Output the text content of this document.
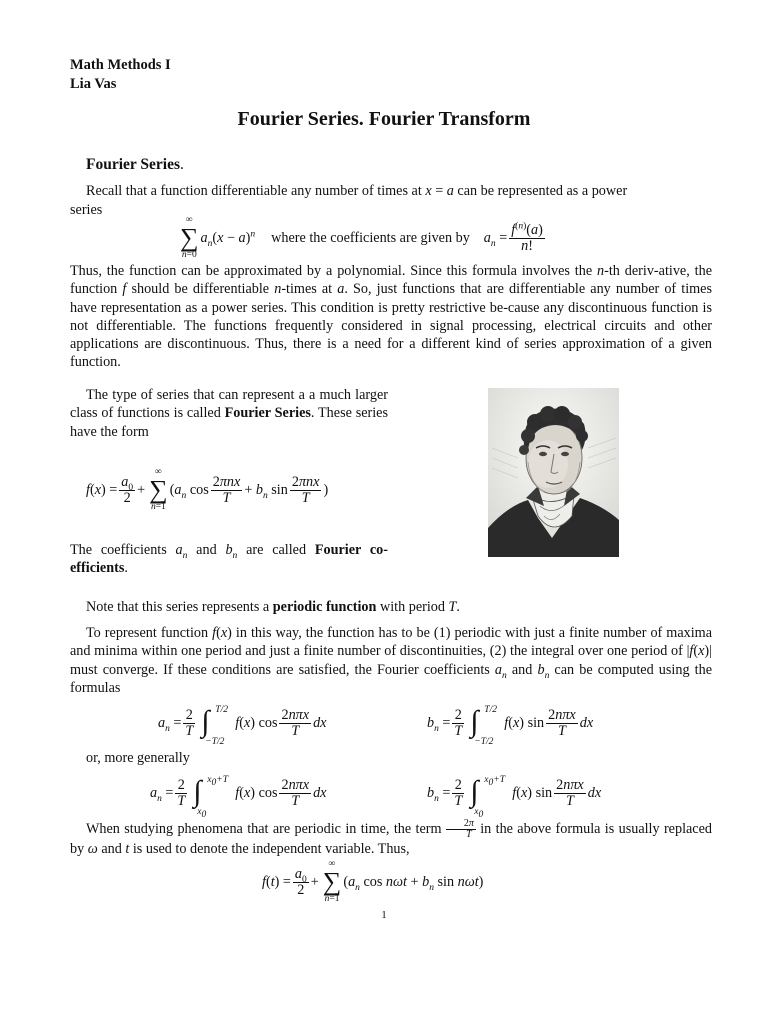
Math Methods I
Lia Vas
Fourier Series. Fourier Transform
Fourier Series.
Recall that a function differentiable any number of times at x = a can be represented as a power
series
∞
∑
n=0
$a_n(x - a)^n$ where the coefficients are given by $a_n = \frac{f^{(n)}(a)}{n!}$
Thus, the function can be approximated by a polynomial. Since this formula involves the n-th deriv-ative, the function f should be differentiable n-times at a. So, just functions that are differentiable any number of times have representation as a power series. This condition is pretty restrictive be-cause any discontinuous function is not differentiable. The functions frequently considered in signal processing, electrical circuits and other applications are discontinuous. Thus, there is a need for a different kind of series approximation of a given function.
The type of series that can represent a a much larger class of functions is called Fourier Series. These series have the form
$f(x) = \frac{a_0}{2}$ +
∞
∑
n=1
($a_n$ $\cos \frac{\text{2πnx}}{T} + b_n$ $\sin \frac{\text{2πnx}}{T}$ )
The coefficients $a_n$ and $b_n$ are called Fourier co-efficients.
Note that this series represents a periodic function with period T.
To represent function f(x) in this way, the function has to be (1) periodic with just a finite number of maxima and minima within one period and just a finite number of discontinuities, (2) the integral over one period of |f(x)| must converge. If these conditions are satisfied, the Fourier coefficients $a_n$ and $b_n$ can be computed using the formulas
$a_n = \frac{2}{T}$ ∫ T/2
−T/2
f(x) $\cos \frac{\text{2nπx}}{T}$ dx	$b_n = \frac{2}{T}$ ∫ T/2
−T/2
f(x) $\sin \frac{\text{2nπx}}{T}$ dx
or, more generally
$a_n = \frac{2}{T}$ ∫ $x_0+T$
$x_0$
f(x) $\cos \frac{\text{2nπx}}{T}$ dx	$b_n = \frac{2}{T}$ ∫ $x_0+T$
$x_0$
f(x) $\sin \frac{\text{2nπx}}{T}$ dx
When studying phenomena that are periodic in time, the term $\frac{2\pi}{T}$ in the above formula is usually replaced by ω and t is used to denote the independent variable. Thus,
$f(t) = \frac{a_0}{2}$ +
∞
∑
n=1
($a_n$ $\cos n\omega t + b_n$ sin nωt)
1
